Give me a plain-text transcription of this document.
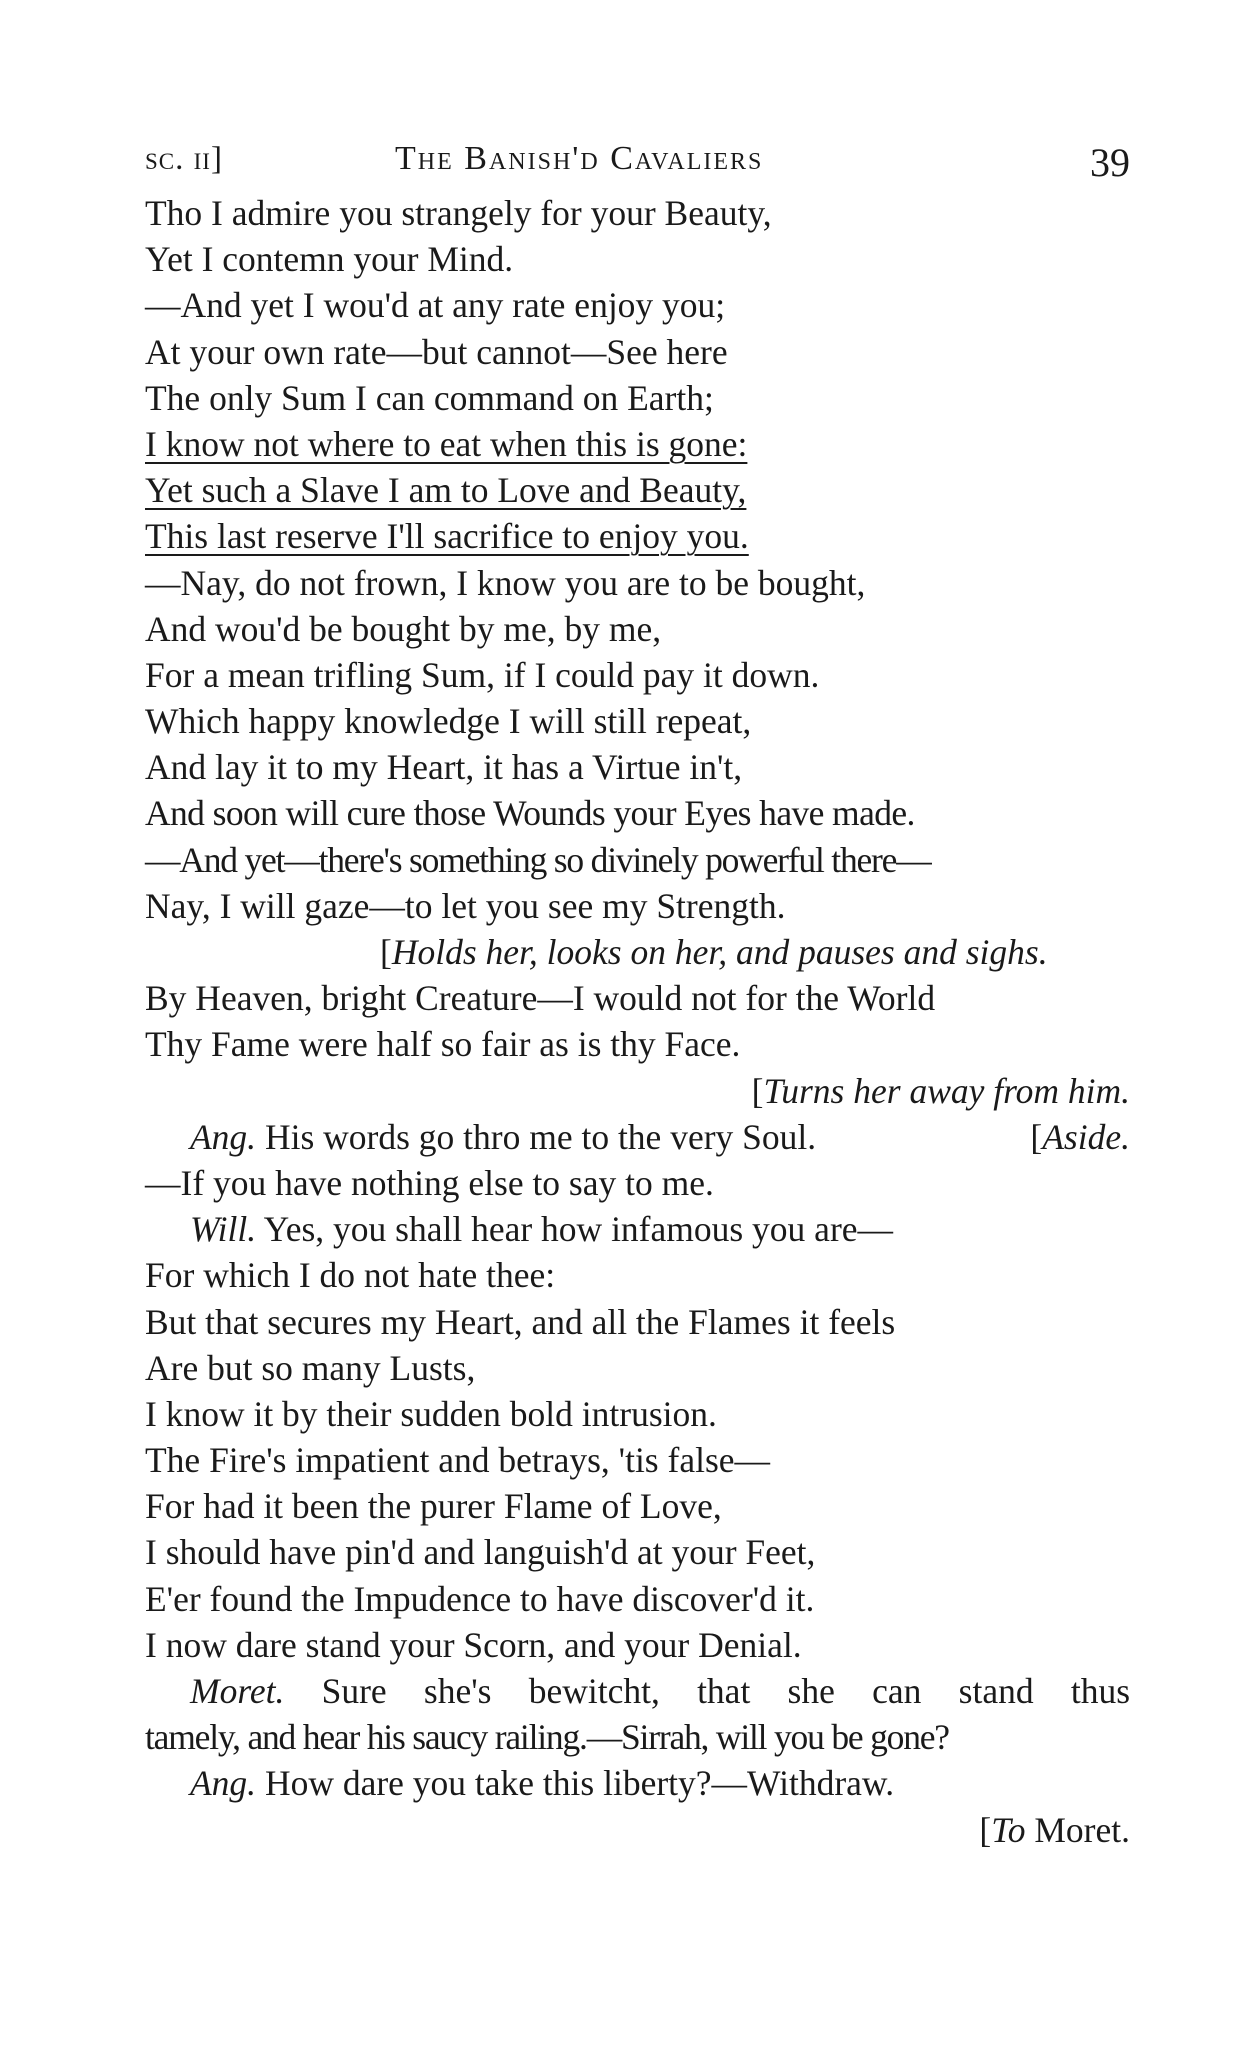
sc. ii]	The Banish'd Cavaliers	39
Tho I admire you strangely for your Beauty,
Yet I contemn your Mind.
—And yet I wou'd at any rate enjoy you;
At your own rate—but cannot—See here
The only Sum I can command on Earth;
I know not where to eat when this is gone:
Yet such a Slave I am to Love and Beauty,
This last reserve I'll sacrifice to enjoy you.
—Nay, do not frown, I know you are to be bought,
And wou'd be bought by me, by me,
For a mean trifling Sum, if I could pay it down.
Which happy knowledge I will still repeat,
And lay it to my Heart, it has a Virtue in't,
And soon will cure those Wounds your Eyes have made.
—And yet—there's something so divinely powerful there—
Nay, I will gaze—to let you see my Strength.
[Holds her, looks on her, and pauses and sighs.
By Heaven, bright Creature—I would not for the World
Thy Fame were half so fair as is thy Face.
[Turns her away from him.
Ang. His words go thro me to the very Soul.	[Aside.
—If you have nothing else to say to me.
Will. Yes, you shall hear how infamous you are—
For which I do not hate thee:
But that secures my Heart, and all the Flames it feels
Are but so many Lusts,
I know it by their sudden bold intrusion.
The Fire's impatient and betrays, 'tis false—
For had it been the purer Flame of Love,
I should have pin'd and languish'd at your Feet,
E'er found the Impudence to have discover'd it.
I now dare stand your Scorn, and your Denial.
Moret. Sure she's bewitcht, that she can stand thus
tamely, and hear his saucy railing.—Sirrah, will you be gone?
Ang. How dare you take this liberty?—Withdraw.
[To Moret.
